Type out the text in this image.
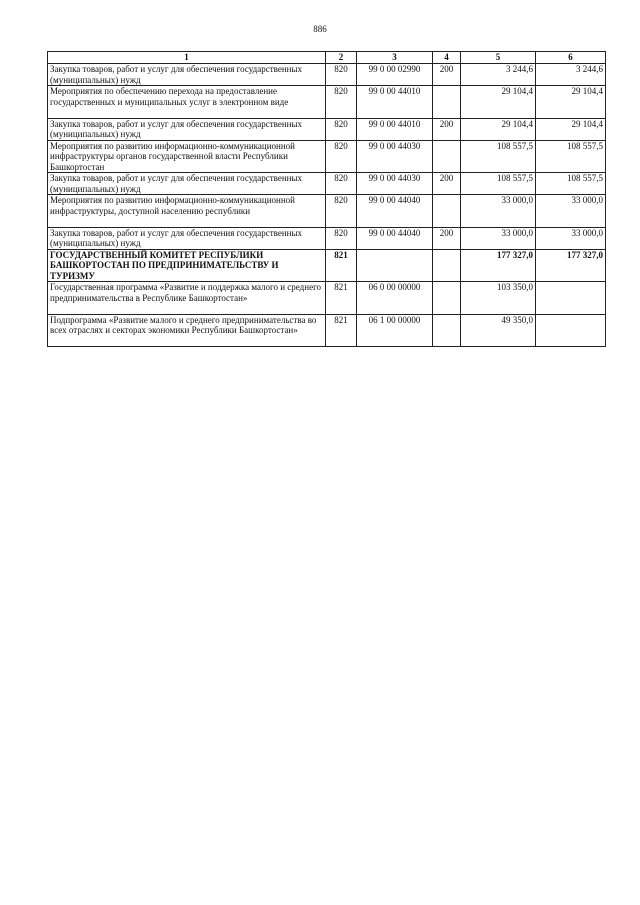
886
1	2	3	4	5	6
Закупка товаров, работ и услуг для обеспечения государственных (муниципальных) нужд	820	99 0 00 02990	200	3 244,6	3 244,6
Мероприятия по обеспечению перехода на предоставление государственных и муниципальных услуг в электронном виде	820	99 0 00 44010		29 104,4	29 104,4
Закупка товаров, работ и услуг для обеспечения государственных (муниципальных) нужд	820	99 0 00 44010	200	29 104,4	29 104,4
Мероприятия по развитию информационно-коммуникационной инфраструктуры органов государственной власти Республики Башкортостан	820	99 0 00 44030		108 557,5	108 557,5
Закупка товаров, работ и услуг для обеспечения государственных (муниципальных) нужд	820	99 0 00 44030	200	108 557,5	108 557,5
Мероприятия по развитию информационно-коммуникационной инфраструктуры, доступной населению республики	820	99 0 00 44040		33 000,0	33 000,0
Закупка товаров, работ и услуг для обеспечения государственных (муниципальных) нужд	820	99 0 00 44040	200	33 000,0	33 000,0
ГОСУДАРСТВЕННЫЙ КОМИТЕТ РЕСПУБЛИКИ БАШКОРТОСТАН ПО ПРЕДПРИНИМАТЕЛЬСТВУ И ТУРИЗМУ	821			177 327,0	177 327,0
Государственная программа «Развитие и поддержка малого и среднего предпринимательства в Республике Башкортостан»	821	06 0 00 00000		103 350,0	
Подпрограмма «Развитие малого и среднего предпринимательства во всех отраслях и секторах экономики Республики Башкортостан»	821	06 1 00 00000		49 350,0	
